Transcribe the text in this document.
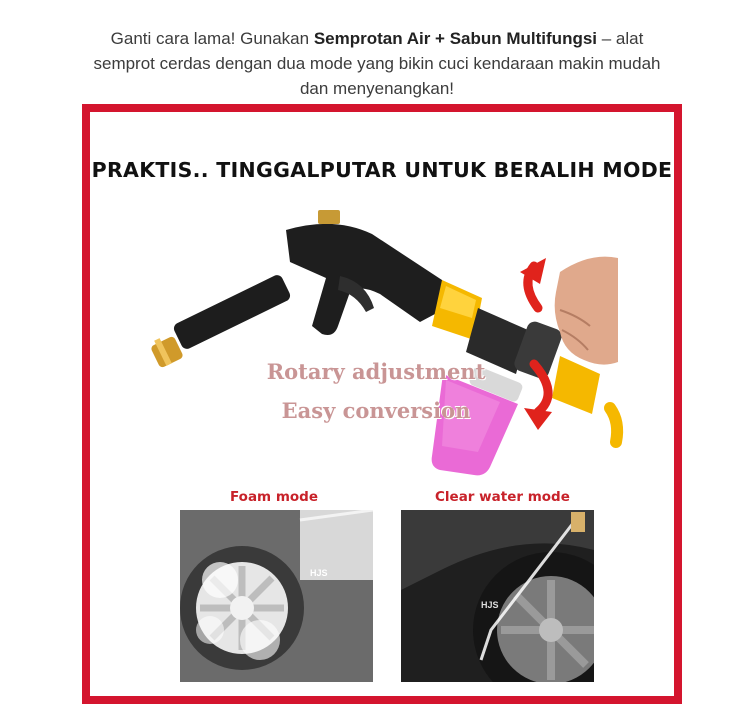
Ganti cara lama! Gunakan Semprotan Air + Sabun Multifungsi – alat semprot cerdas dengan dua mode yang bikin cuci kendaraan makin mudah dan menyenangkan!
PRAKTIS.. TINGGALPUTAR UNTUK BERALIH MODE
Rotary adjustment
Easy conversion
Foam mode	Clear water mode
HJS
HJS
